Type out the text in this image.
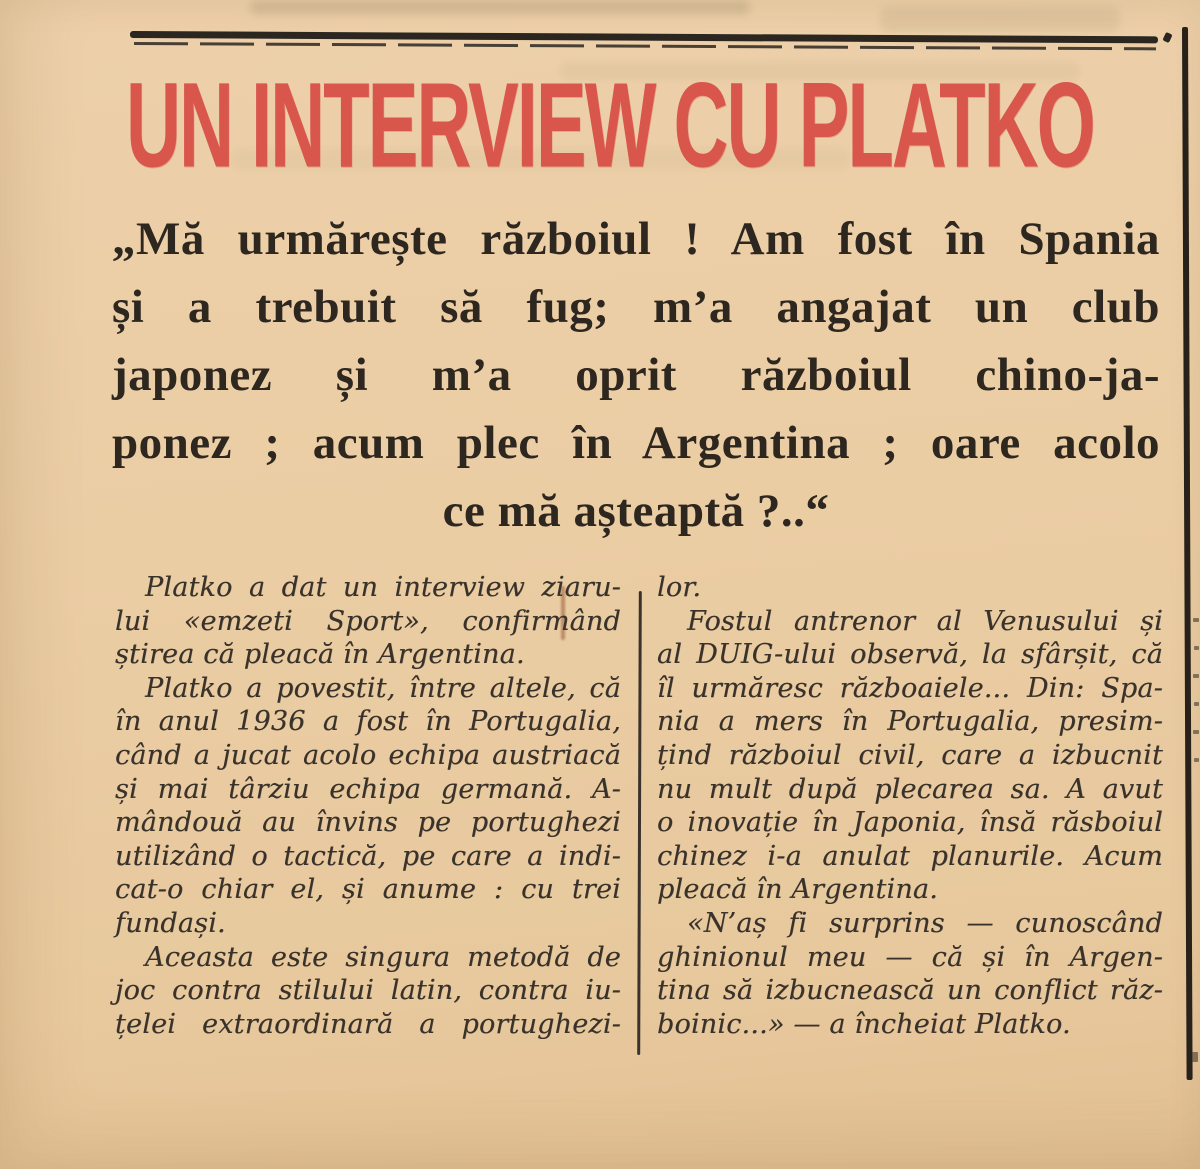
UN INTERVIEW CU PLATKO
„Mă urmărește războiul ! Am fost în Spania
și a trebuit să fug; m’a angajat un club
japonez și m’a oprit războiul chino-ja-
ponez ; acum plec în Argentina ; oare acolo
ce mă așteaptă ?..“
Platko a dat un interview ziaru-
lui «emzeti Sport», confirmând
știrea că pleacă în Argentina.
Platko a povestit, între altele, că
în anul 1936 a fost în Portugalia,
când a jucat acolo echipa austriacă
și mai târziu echipa germană. A-
mândouă au învins pe portughezi
utilizând o tactică, pe care a indi-
cat-o chiar el, și anume : cu trei
fundași.
Aceasta este singura metodă de
joc contra stilului latin, contra iu-
țelei extraordinară a portughezi-
lor.
Fostul antrenor al Venusului și
al DUIG-ului observă, la sfârșit, că
îl urmăresc războaiele... Din: Spa-
nia a mers în Portugalia, presim-
țind războiul civil, care a izbucnit
nu mult după plecarea sa. A avut
o inovație în Japonia, însă răsboiul
chinez i-a anulat planurile. Acum
pleacă în Argentina.
«N’aș fi surprins — cunoscând
ghinionul meu — că și în Argen-
tina să izbucnească un conflict răz-
boinic...» — a încheiat Platko.
